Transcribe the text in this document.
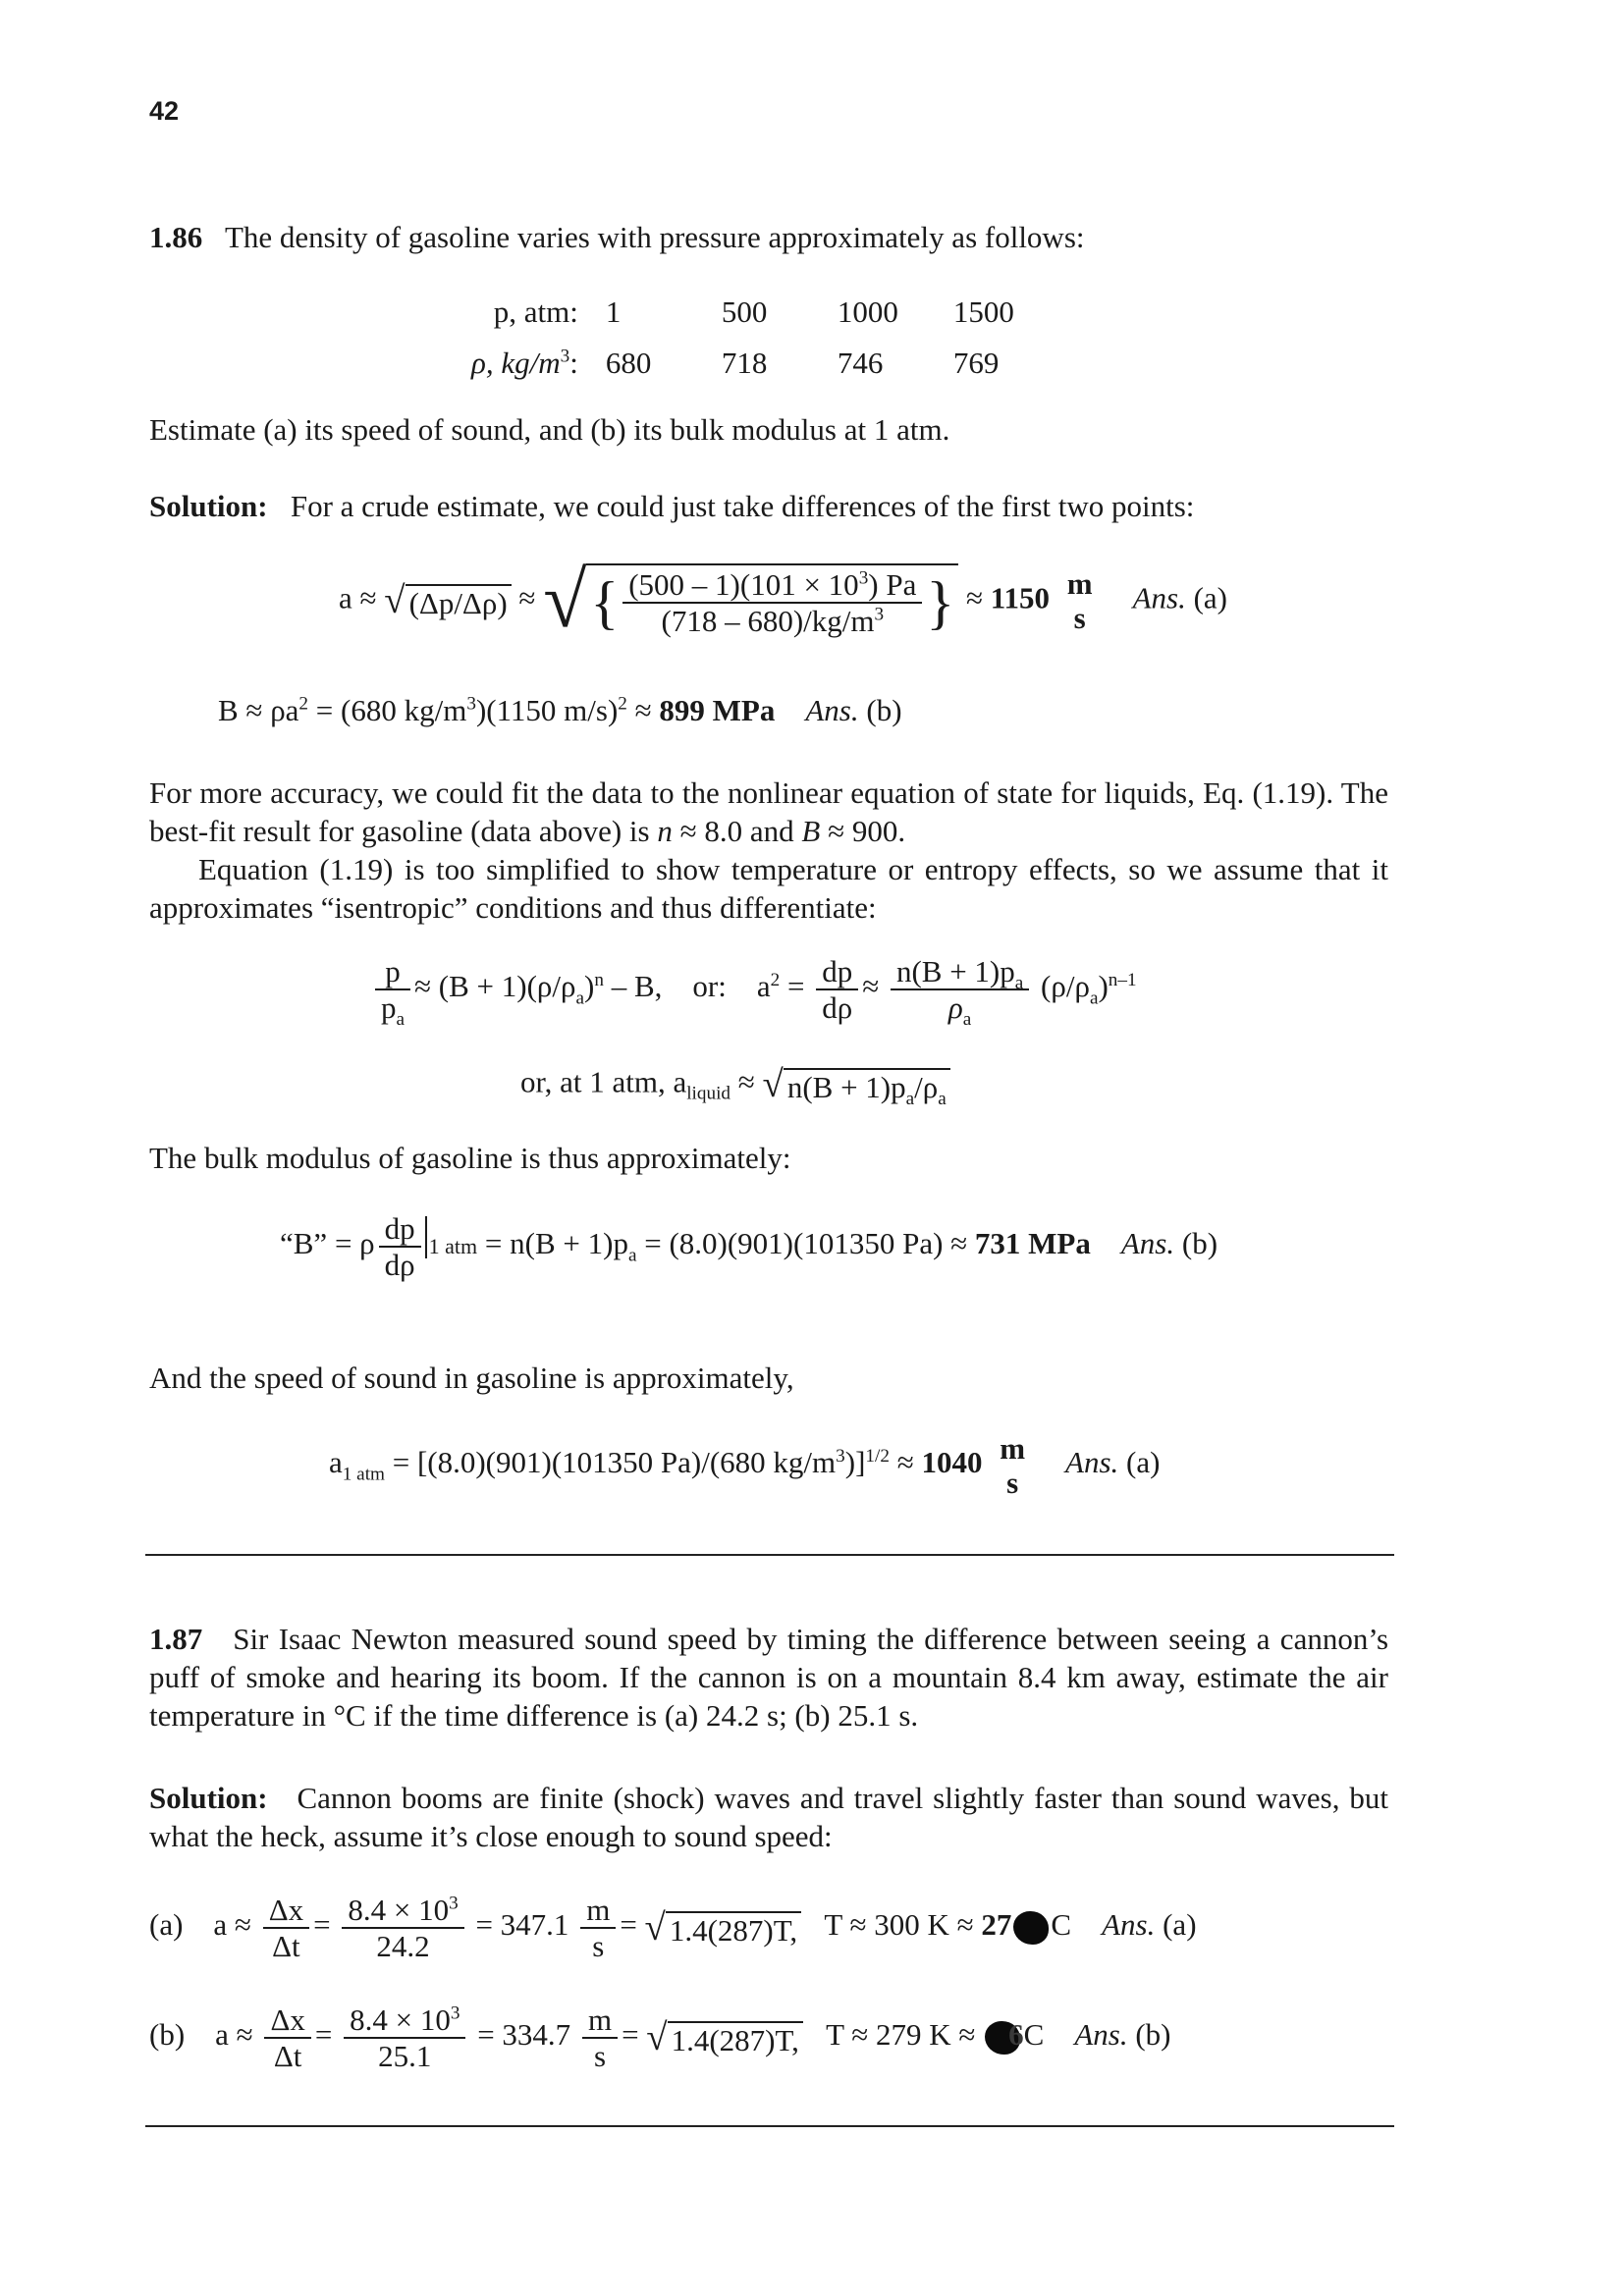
42
1.86 The density of gasoline varies with pressure approximately as follows:
p, atm:	1	500	1000	1500
ρ, $kg/m^3$:	680	718	746	769
Estimate (a) its speed of sound, and (b) its bulk modulus at 1 atm.
Solution: For a crude estimate, we could just take differences of the first two points:
a ≈ √ (Δp/Δρ) ≈ √{ $\frac{(500 - 1)(101 \times 10^3) Pa}{(718 - 680)/kg/m^3}$ } ≈ 1150 m
s
Ans. (a)
$B \approx \rho a^2 = (680$ $kg/m^3)(1150$ m/s)$^2$ ≈ 899 MPa Ans. (b)
For more accuracy, we could fit the data to the nonlinear equation of state for liquids, Eq. (1.19). The best-fit result for gasoline (data above) is n ≈ 8.0 and B ≈ 900.
Equation (1.19) is too simplified to show temperature or entropy effects, so we assume that it approximates “isentropic” conditions and thus differentiate:
$\frac{p}{p_a} \approx (B + 1)(\rho/\rho_a)^n - B$, or: $a^2 = \frac{dp}{d\rho} \approx \frac{n(B + 1)p_a}{\rho_a} (\rho/\rho_a)^{n-1}$
or, at 1 atm, $a_{liquid}$ ≈ √ $n(B + 1)p_a/\rho_a$
The bulk modulus of gasoline is thus approximately:
“B” = ρ $\frac{dp}{d\rho} 1$ atm = $n(B + 1)p_a = (8.0)(901)(101350$ Pa) ≈ 731 MPa Ans. (b)
And the speed of sound in gasoline is approximately,
$a_{1 atm} = [(8.0)(901)(101350$ Pa)/(680 $kg/m^3)]^{1/2} \approx 1040$ m
s
Ans. (a)
1.87 Sir Isaac Newton measured sound speed by timing the difference between seeing a cannon’s puff of smoke and hearing its boom. If the cannon is on a mountain 8.4 km away, estimate the air temperature in °C if the time difference is (a) 24.2 s; (b) 25.1 s.
Solution: Cannon booms are finite (shock) waves and travel slightly faster than sound waves, but what the heck, assume it’s close enough to sound speed:
(a) $a \approx \frac{\Delta x}{\Delta t} = \frac{8.4 \times 10^3}{24.2} = 347.1 \frac{m}{s}$ = √ 1.4(287)T, T ≈ 300 K ≈ 27 C Ans. (a)
(b) $a \approx \frac{\Delta x}{\Delta t} = \frac{8.4 \times 10^3}{25.1} = 334.7 \frac{m}{s}$ = √ 1.4(287)T, T ≈ 279 K ≈ 6C Ans. (b)
